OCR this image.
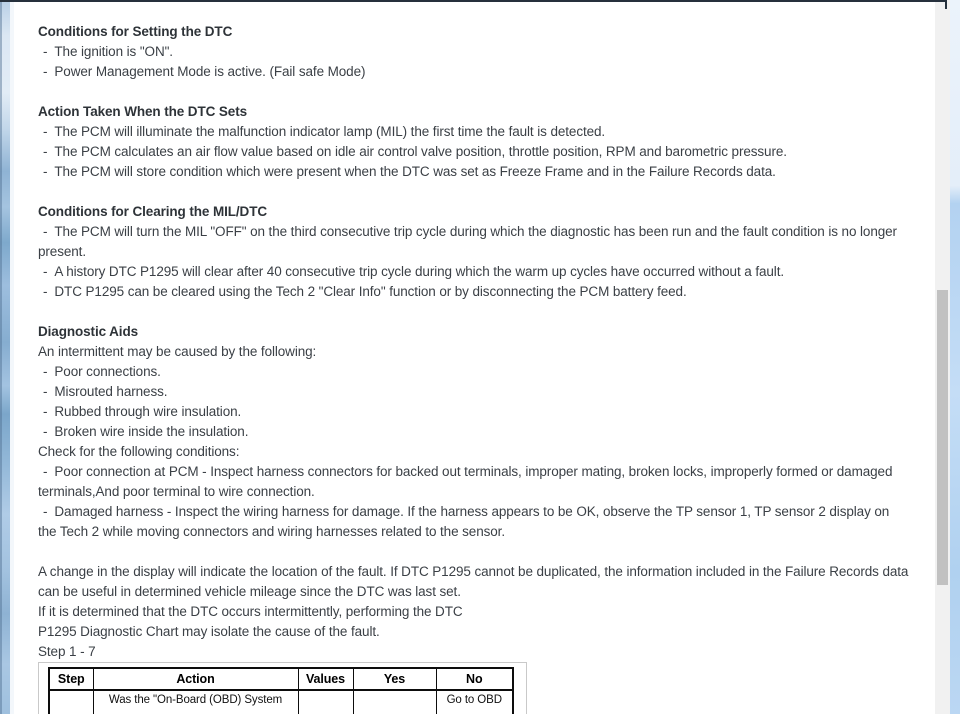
Conditions for Setting the DTC

- The ignition is "ON".

- Power Management Mode is active. (Fail safe Mode)

Action Taken When the DTC Sets

- The PCM will illuminate the malfunction indicator lamp (MIL) the first time the fault is detected.

- The PCM calculates an air flow value based on idle air control valve position, throttle position, RPM and barometric pressure.

- The PCM will store condition which were present when the DTC was set as Freeze Frame and in the Failure Records data.

Conditions for Clearing the MIL/DTC

- The PCM will turn the MIL "OFF" on the third consecutive trip cycle during which the diagnostic has been run and the fault condition is no longer present.

- A history DTC P1295 will clear after 40 consecutive trip cycle during which the warm up cycles have occurred without a fault.

- DTC P1295 can be cleared using the Tech 2 "Clear Info" function or by disconnecting the PCM battery feed.

Diagnostic Aids

An intermittent may be caused by the following:

- Poor connections.

- Misrouted harness.

- Rubbed through wire insulation.

- Broken wire inside the insulation.

Check for the following conditions:

- Poor connection at PCM - Inspect harness connectors for backed out terminals, improper mating, broken locks, improperly formed or damaged terminals,And poor terminal to wire connection.

- Damaged harness - Inspect the wiring harness for damage. If the harness appears to be OK, observe the TP sensor 1, TP sensor 2 display on the Tech 2 while moving connectors and wiring harnesses related to the sensor.

A change in the display will indicate the location of the fault. If DTC P1295 cannot be duplicated, the information included in the Failure Records data can be useful in determined vehicle mileage since the DTC was last set.

If it is determined that the DTC occurs intermittently, performing the DTC

P1295 Diagnostic Chart may isolate the cause of the fault.

Step 1 - 7

Step	Action	Values	Yes	No
	Was the "On-Board (OBD) System			Go to OBD
